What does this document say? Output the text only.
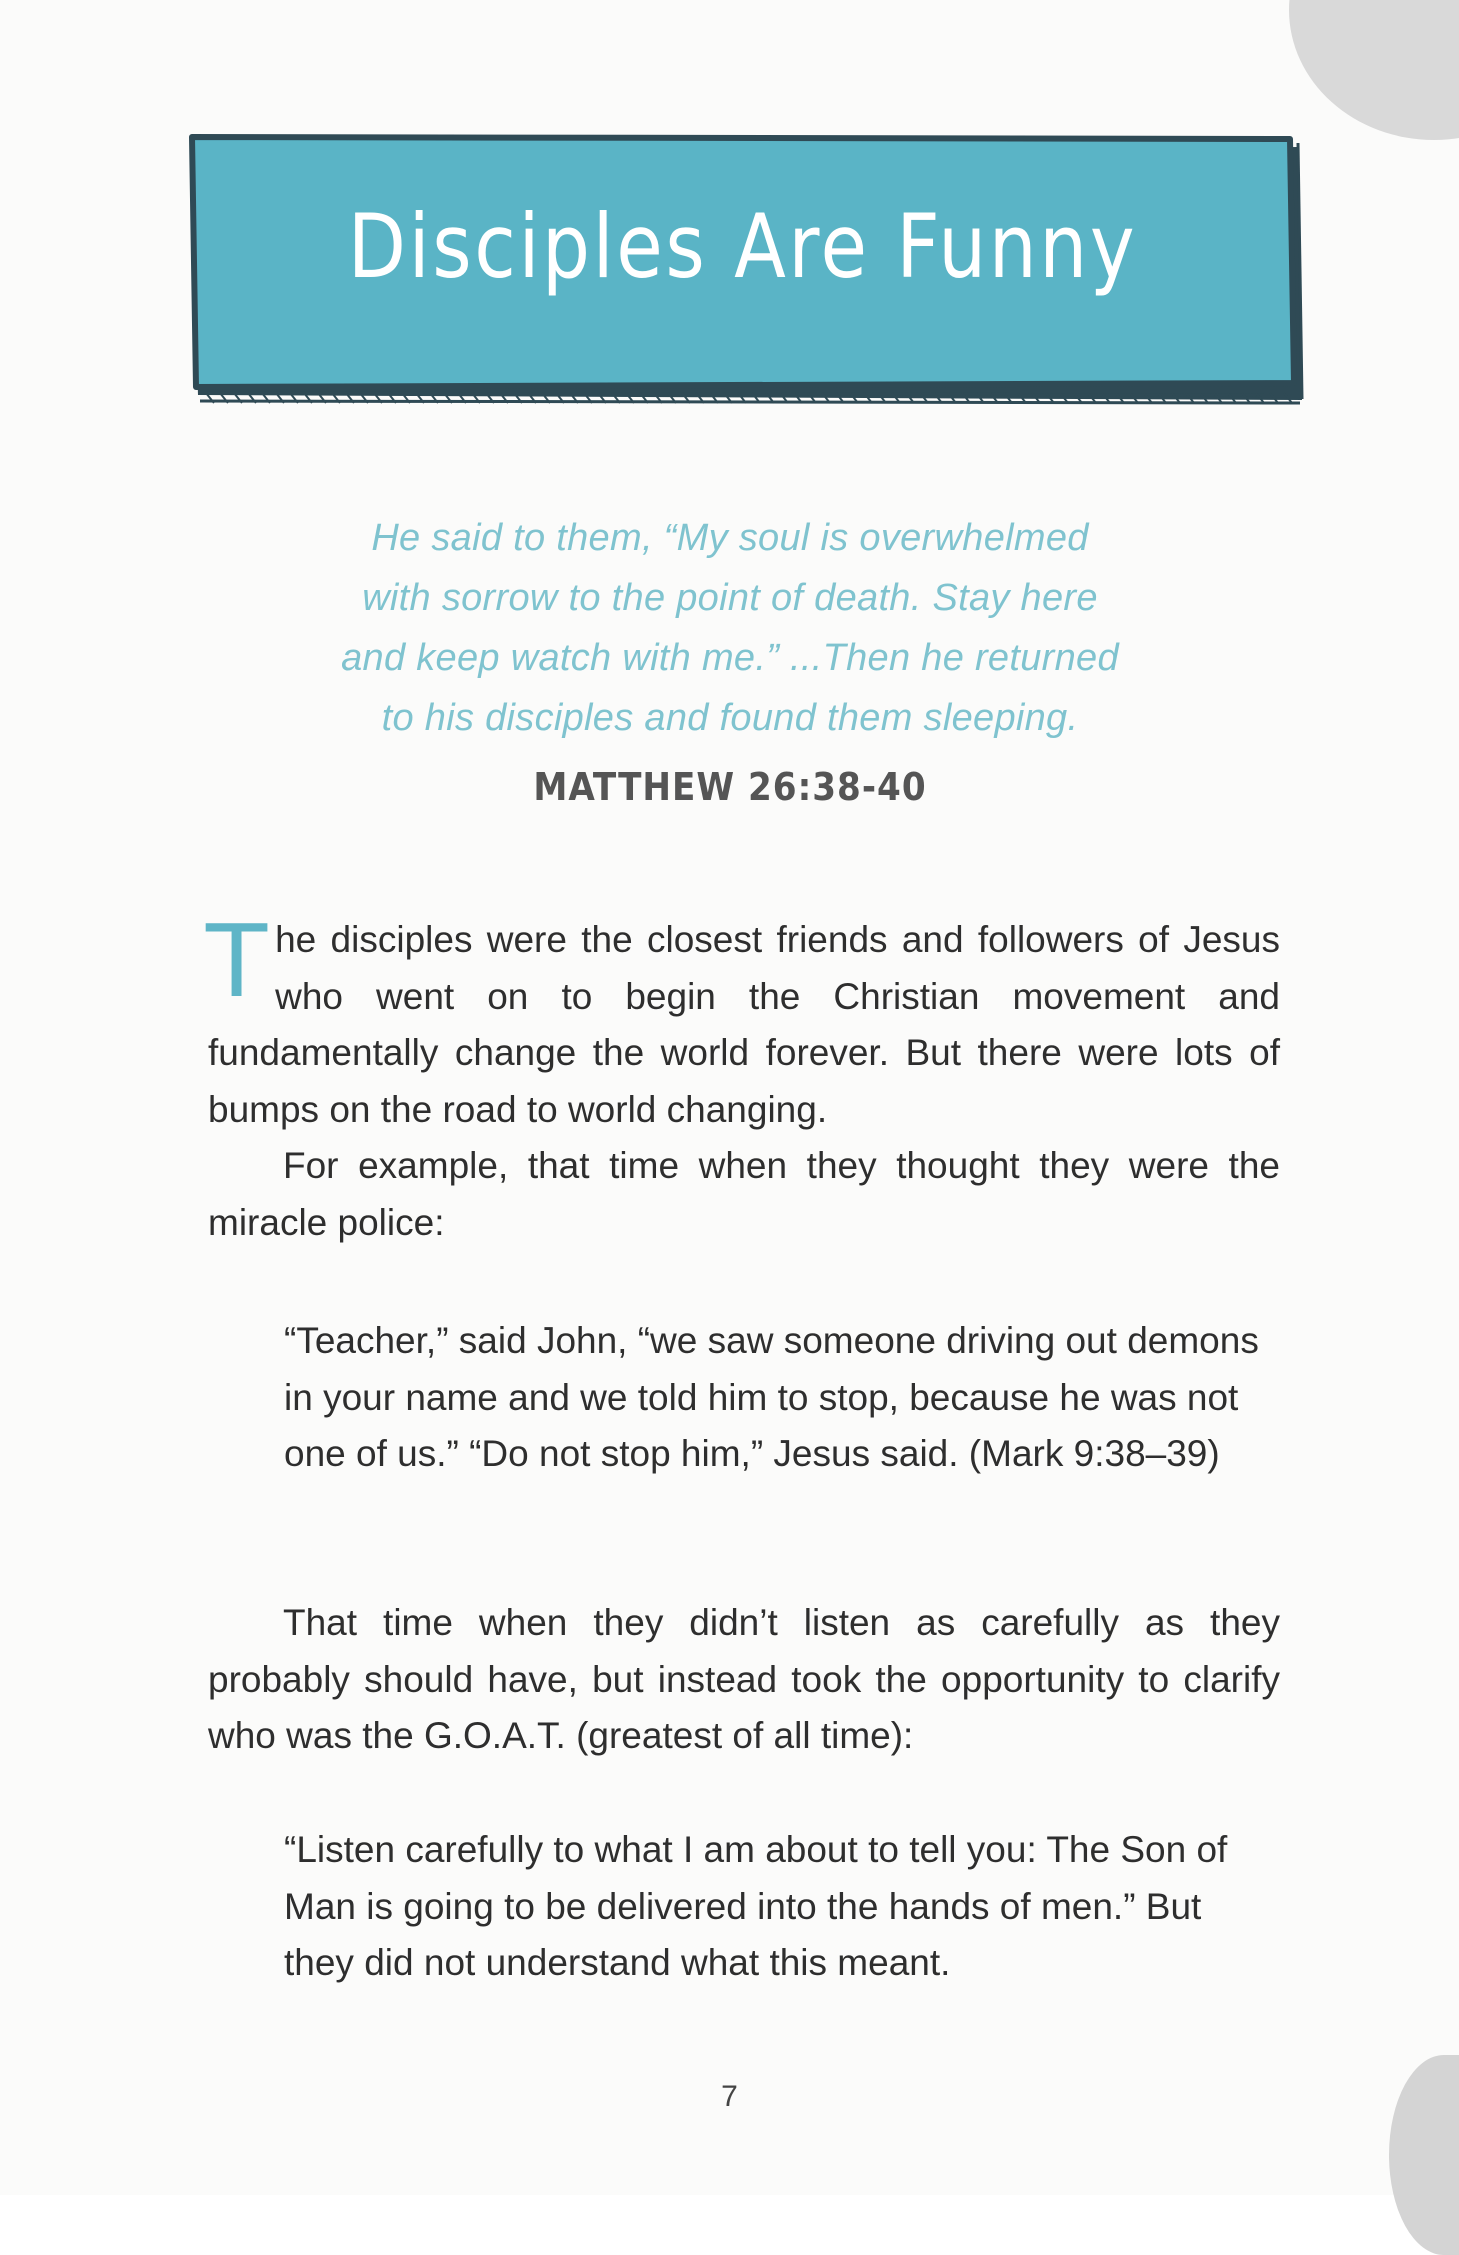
Disciples Are Funny
He said to them, “My soul is overwhelmed
with sorrow to the point of death. Stay here
and keep watch with me.” ...Then he returned
to his disciples and found them sleeping.
MATTHEW 26:38-40
The disciples were the closest friends and followers of Jesus who went on to begin the Christian movement and fundamentally change the world forever. But there were lots of bumps on the road to world changing.
For example, that time when they thought they were the miracle police:
“Teacher,” said John, “we saw someone driving out demons in your name and we told him to stop, because he was not one of us.” “Do not stop him,” Jesus said. (Mark 9:38–39)
That time when they didn’t listen as carefully as they probably should have, but instead took the opportunity to clarify who was the G.O.A.T. (greatest of all time):
“Listen carefully to what I am about to tell you: The Son of Man is going to be delivered into the hands of men.” But they did not understand what this meant.
7
